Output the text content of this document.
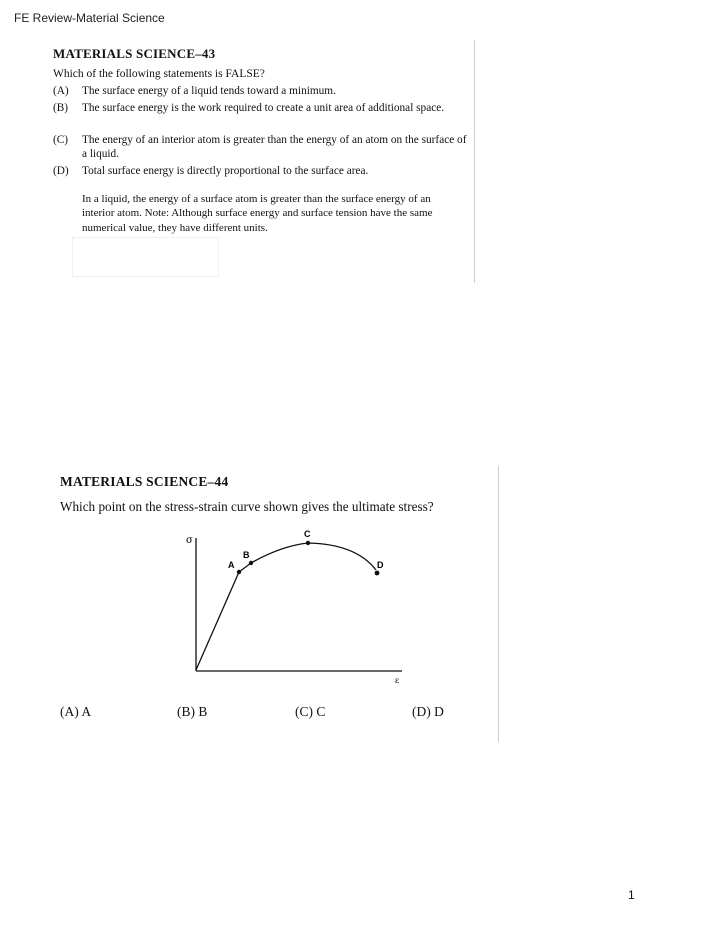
FE Review-Material Science
MATERIALS SCIENCE–43
Which of the following statements is FALSE?
(A) The surface energy of a liquid tends toward a minimum.
(B) The surface energy is the work required to create a unit area of additional space.
(C) The energy of an interior atom is greater than the energy of an atom on the surface of a liquid.
(D) Total surface energy is directly proportional to the surface area.
In a liquid, the energy of a surface atom is greater than the surface energy of an interior atom. Note: Although surface energy and surface tension have the same numerical value, they have different units.
MATERIALS SCIENCE–44
Which point on the stress-strain curve shown gives the ultimate stress?
σ
ε
A
B
C
D
(A) A	(B) B	(C) C	(D) D
1
